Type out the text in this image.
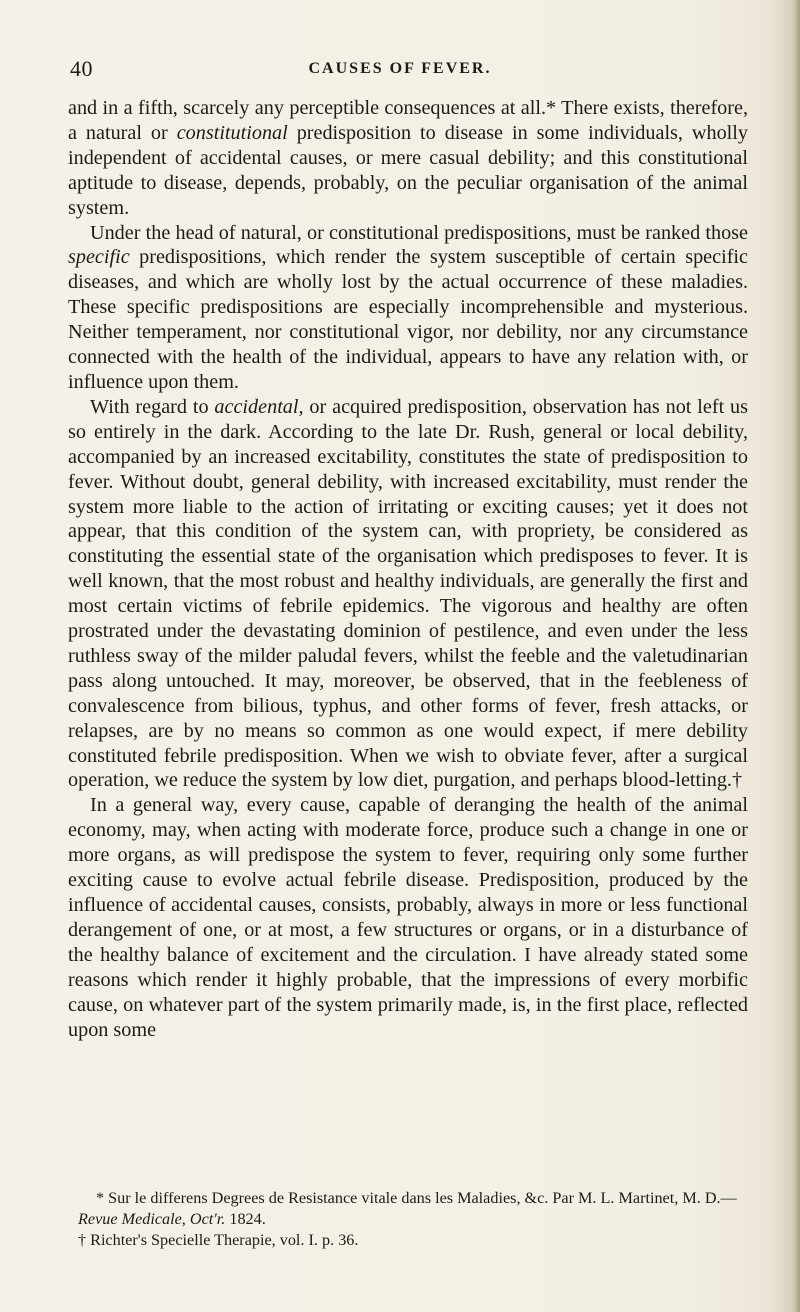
40	CAUSES OF FEVER.

and in a fifth, scarcely any perceptible consequences at all.* There exists, therefore, a natural or constitutional predisposition to disease in some individuals, wholly independent of accidental causes, or mere casual debility; and this constitutional aptitude to disease, depends, probably, on the peculiar organisation of the animal system.

Under the head of natural, or constitutional predispositions, must be ranked those specific predispositions, which render the system susceptible of certain specific diseases, and which are wholly lost by the actual occurrence of these maladies. These specific predispositions are especially incomprehensible and mysterious. Neither temperament, nor constitutional vigor, nor debility, nor any circumstance connected with the health of the individual, appears to have any relation with, or influence upon them.

With regard to accidental, or acquired predisposition, observation has not left us so entirely in the dark. According to the late Dr. Rush, general or local debility, accompanied by an increased excitability, constitutes the state of predisposition to fever. Without doubt, general debility, with increased excitability, must render the system more liable to the action of irritating or exciting causes; yet it does not appear, that this condition of the system can, with propriety, be considered as constituting the essential state of the organisation which predisposes to fever. It is well known, that the most robust and healthy individuals, are generally the first and most certain victims of febrile epidemics. The vigorous and healthy are often prostrated under the devastating dominion of pestilence, and even under the less ruthless sway of the milder paludal fevers, whilst the feeble and the valetudinarian pass along untouched. It may, moreover, be observed, that in the feebleness of convalescence from bilious, typhus, and other forms of fever, fresh attacks, or relapses, are by no means so common as one would expect, if mere debility constituted febrile predisposition. When we wish to obviate fever, after a surgical operation, we reduce the system by low diet, purgation, and perhaps blood-letting.†

In a general way, every cause, capable of deranging the health of the animal economy, may, when acting with moderate force, produce such a change in one or more organs, as will predispose the system to fever, requiring only some further exciting cause to evolve actual febrile disease. Predisposition, produced by the influence of accidental causes, consists, probably, always in more or less functional derangement of one, or at most, a few structures or organs, or in a disturbance of the healthy balance of excitement and the circulation. I have already stated some reasons which render it highly probable, that the impressions of every morbific cause, on whatever part of the system primarily made, is, in the first place, reflected upon some

* Sur le differens Degrees de Resistance vitale dans les Maladies, &c. Par M. L. Martinet, M. D.—Revue Medicale, Oct'r. 1824.

† Richter's Specielle Therapie, vol. I. p. 36.
